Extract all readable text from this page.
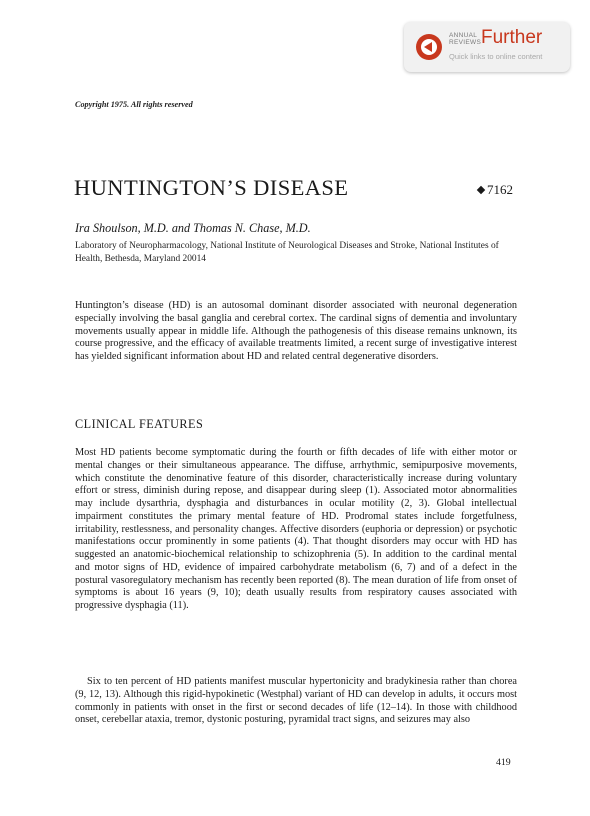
ANNUAL
REVIEWS Further
Quick links to online content
Copyright 1975. All rights reserved
HUNTINGTON’S DISEASE	7162
Ira Shoulson, M.D. and Thomas N. Chase, M.D.
Laboratory of Neuropharmacology, National Institute of Neurological Diseases and Stroke, National Institutes of Health, Bethesda, Maryland 20014
Huntington’s disease (HD) is an autosomal dominant disorder associated with neuronal degeneration especially involving the basal ganglia and cerebral cortex. The cardinal signs of dementia and involuntary movements usually appear in middle life. Although the pathogenesis of this disease remains unknown, its course progressive, and the efficacy of available treatments limited, a recent surge of investigative interest has yielded significant information about HD and related central degenerative disorders.
CLINICAL FEATURES
Most HD patients become symptomatic during the fourth or fifth decades of life with either motor or mental changes or their simultaneous appearance. The diffuse, arrhythmic, semipurposive movements, which constitute the denominative feature of this disorder, characteristically increase during voluntary effort or stress, diminish during repose, and disappear during sleep (1). Associated motor abnormalities may include dysarthria, dysphagia and disturbances in ocular motility (2, 3). Global intellectual impairment constitutes the primary mental feature of HD. Prodromal states include forgetfulness, irritability, restlessness, and personality changes. Affective disorders (euphoria or depression) or psychotic manifestations occur prominently in some patients (4). That thought disorders may occur with HD has suggested an anatomic-biochemical relationship to schizophrenia (5). In addition to the cardinal mental and motor signs of HD, evidence of impaired carbohydrate metabolism (6, 7) and of a defect in the postural vasoregulatory mechanism has recently been reported (8). The mean duration of life from onset of symptoms is about 16 years (9, 10); death usually results from respiratory causes associated with progressive dysphagia (11).
Six to ten percent of HD patients manifest muscular hypertonicity and bradykinesia rather than chorea (9, 12, 13). Although this rigid-hypokinetic (Westphal) variant of HD can develop in adults, it occurs most commonly in patients with onset in the first or second decades of life (12–14). In those with childhood onset, cerebellar ataxia, tremor, dystonic posturing, pyramidal tract signs, and seizures may also
419
